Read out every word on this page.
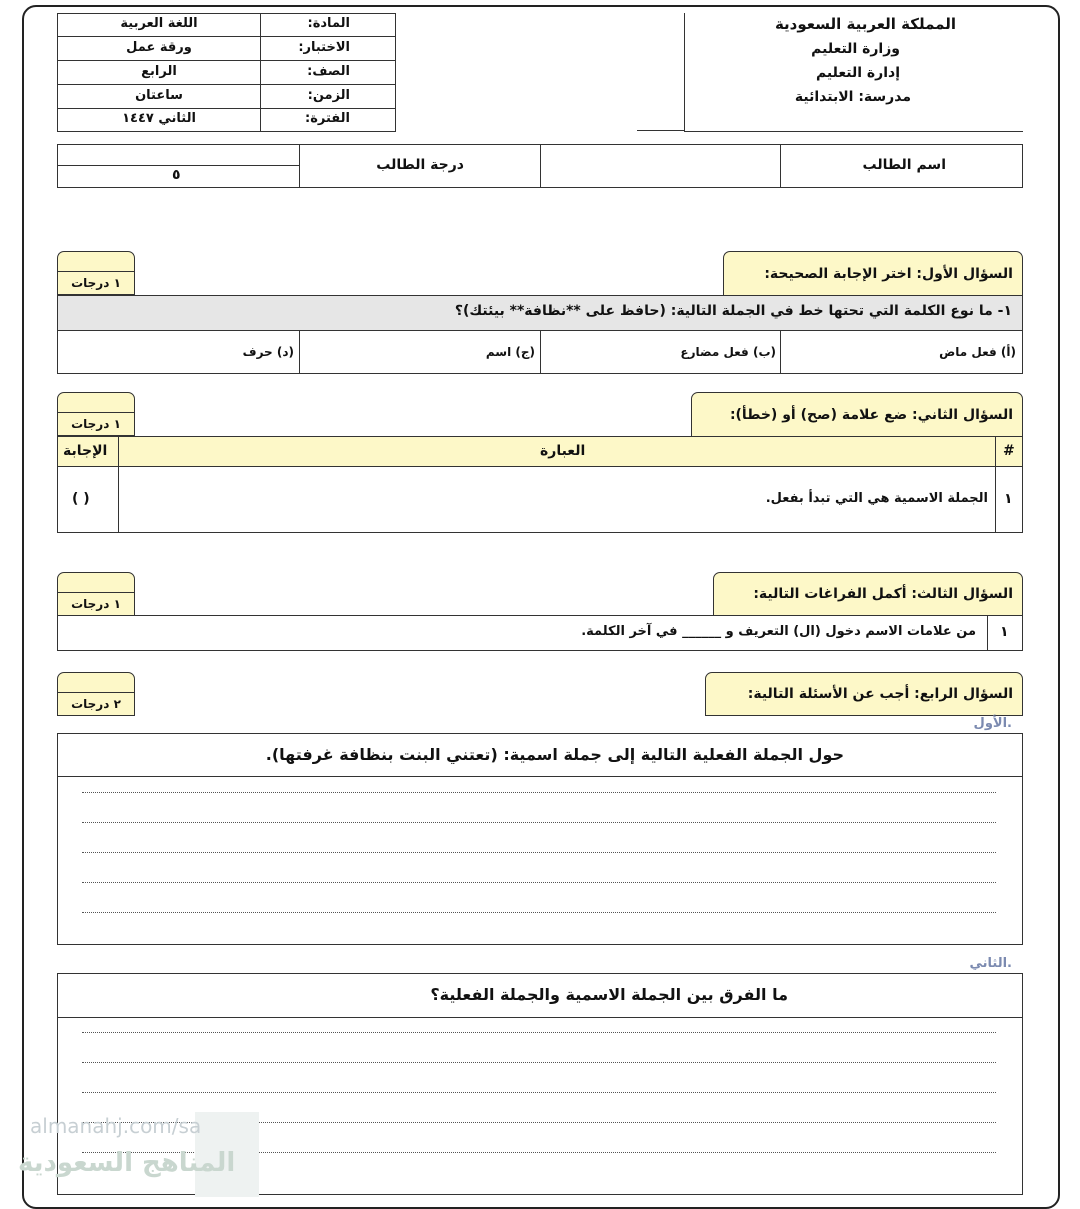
المملكة العربية السعودية
وزارة التعليم
إدارة التعليم
مدرسة: الابتدائية
المادة:
اللغة العربية
الاختبار:
ورقة عمل
الصف:
الرابع
الزمن:
ساعتان
الفترة:
الثاني ١٤٤٧
اسم الطالب
درجة الطالب
٥
السؤال الأول: اختر الإجابة الصحيحة:
١ درجات
١- ما نوع الكلمة التي تحتها خط في الجملة التالية: (حافظ على **نظافة** بيئتك)؟
(أ) فعل ماض
(ب) فعل مضارع
(ج) اسم
(د) حرف
السؤال الثاني: ضع علامة (صح) أو (خطأ):
١ درجات
#
العبارة
الإجابة
١
الجملة الاسمية هي التي تبدأ بفعل.
( )
السؤال الثالث: أكمل الفراغات التالية:
١ درجات
١
من علامات الاسم دخول (ال) التعريف و ______ في آخر الكلمة.
السؤال الرابع: أجب عن الأسئلة التالية:
٢ درجات
الأول.
حول الجملة الفعلية التالية إلى جملة اسمية: (تعتني البنت بنظافة غرفتها).
الثاني.
ما الفرق بين الجملة الاسمية والجملة الفعلية؟
almanahj.com/sa
المناهج السعودية
